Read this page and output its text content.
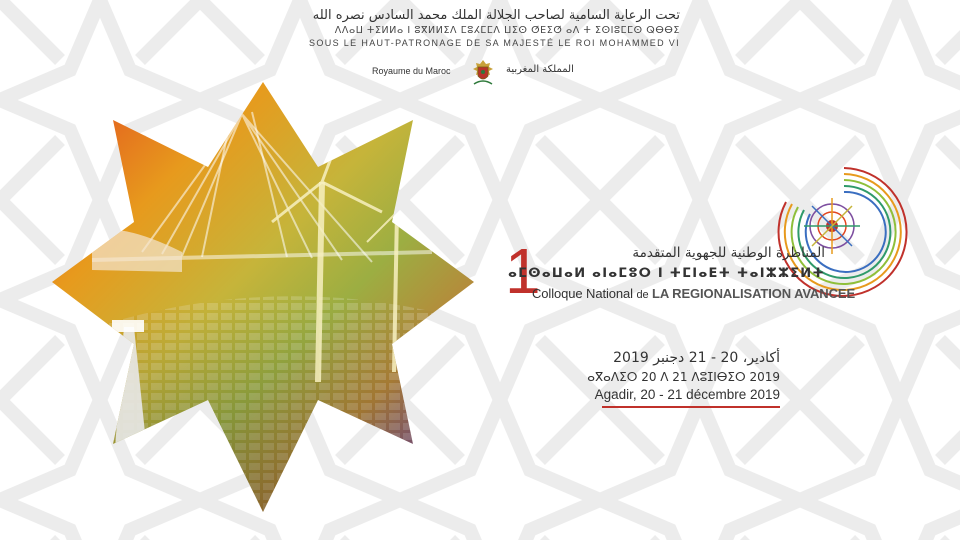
تحت الرعاية السامية لصاحب الجلالة الملك محمد السادس نصره الله
ⴷⴷⴰⵡ ⵜⵉⵍⵍⴰ ⵏ ⵓⴳⵍⵍⵉⴷ ⵎⵓⵃⵎⵎⴷ ⵡⵉⵙ ⵚⴹⵉⵚ ⴰⴷ ⵜ ⵉⵙⵏⵓⵎⵎⵙ ⵕⴱⴱⵉ
SOUS LE HAUT-PATRONAGE DE SA MAJESTÉ LE ROI MOHAMMED VI
Royaume du Maroc	المملكة المغربية
1	المناظرة الوطنية للجهوية المتقدمة
ⴰⵎⵙⴰⵡⴰⵍ ⴰⵏⴰⵎⵓⵔ ⵏ ⵜⵎⵏⴰⴹⵜ ⵜⴰⵏⵣⵣⵉⵍⵜ
Colloque National de LA REGIONALISATION AVANCEE
أكادير، 20 - 21 دجنبر 2019
ⴰⴳⴰⴷⵉⵔ 20 ⴷ 21 ⴷⵓⵊⵏⴱⵉⵔ 2019
Agadir, 20 - 21 décembre 2019
